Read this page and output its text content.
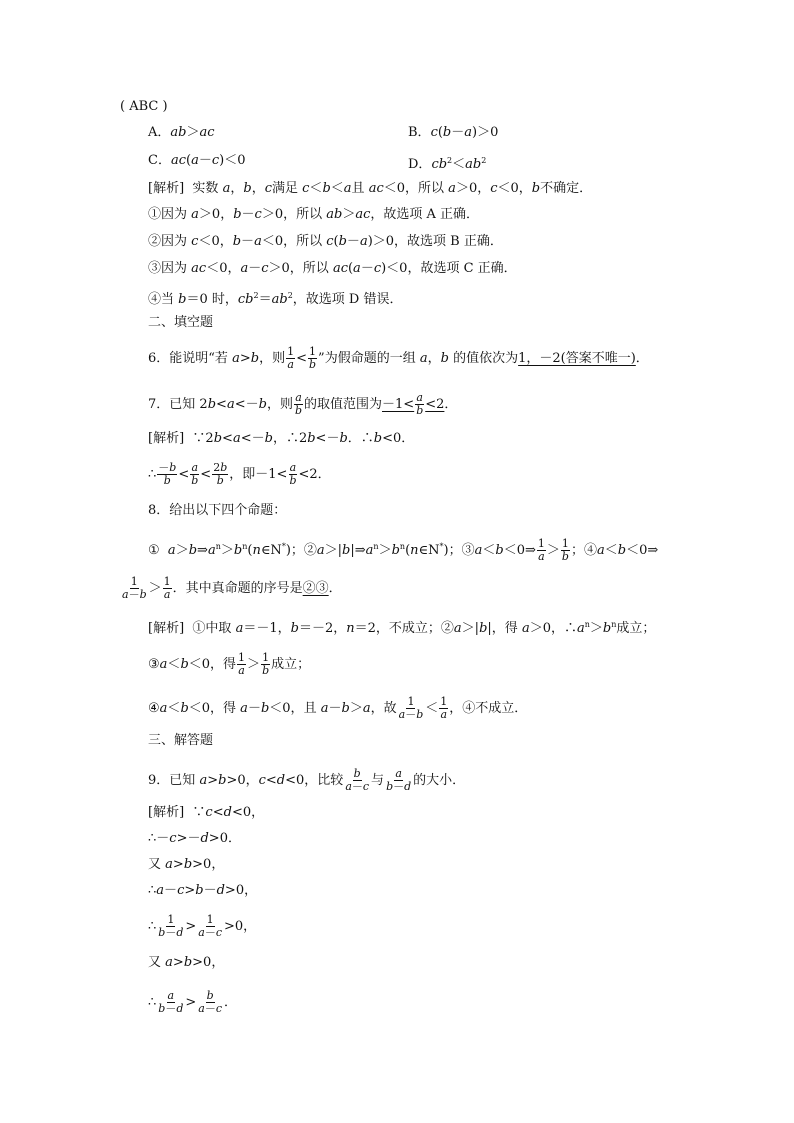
( ABC )
A．ab＞ac	B．c(b－a)＞0
C．ac(a－c)＜0	D．$cb^2<ab^2$
[解析] 实数 a，b，c满足 c＜b＜a且 ac＜0，所以 a＞0，c＜0，b不确定．
①因为 a＞0，b－c＞0，所以 ab＞ac，故选项 A 正确．
②因为 c＜0，b－a＜0，所以 c(b－a)＞0，故选项 B 正确．
③因为 ac＜0，a－c＞0，所以 ac(a－c)＜0，故选项 C 正确．
④当 b＝0 时，$cb^2=ab^2$，故选项 D 错误．
二、填空题
6．能说明“若 a>b，则 $\frac{1}{a} < \frac{1}{b}$ ”为假命题的一组 a，b 的值依次为1，－2(答案不唯一)．
7．已知 2b<a<－b，则 $\frac{a}{b}$ 的取值范围为$-1< \frac{a}{b} <2$．
[解析]  ∵2b<a<－b，∴2b<－b．∴b<0．
∴ $\frac{-b}{b} < \frac{a}{b} < \frac{2b}{b}$ ，即$-1< \frac{a}{b} <2$．
8．给出以下四个命题：
①  $a>b\Rightarrow a^n>b^n(n\in N^*)$；$②a>|b|\Rightarrow a^n>b^n(n\in N^*)$；③a＜b＜0⇒ $\frac{1}{a} > \frac{1}{b}$ ；④a＜b＜0⇒
$\frac{1}{a-b} > \frac{1}{a}$ ．其中真命题的序号是②③．
[解析] ①中取 a＝－1，b＝－2，n＝2，不成立；②a＞|b|，得 a＞0，$\therefore a^n>b^n$成立；
③a＜b＜0，得 $\frac{1}{a} > \frac{1}{b}$ 成立；
④a＜b＜0，得 a－b＜0，且 a－b＞a，故 $\frac{1}{a-b} < \frac{1}{a}$ ，④不成立．
三、解答题
9．已知 a>b>0，c<d<0，比较 $\frac{b}{a-c}$ 与 $\frac{a}{b-d}$ 的大小．
[解析]  ∵c<d<0，
∴－c>－d>0．
又 a>b>0，
∴a－c>b－d>0，
∴ $\frac{1}{b-d} > \frac{1}{a-c} >0$，
又 a>b>0，
∴ $\frac{a}{b-d} > \frac{b}{a-c}$ ．
